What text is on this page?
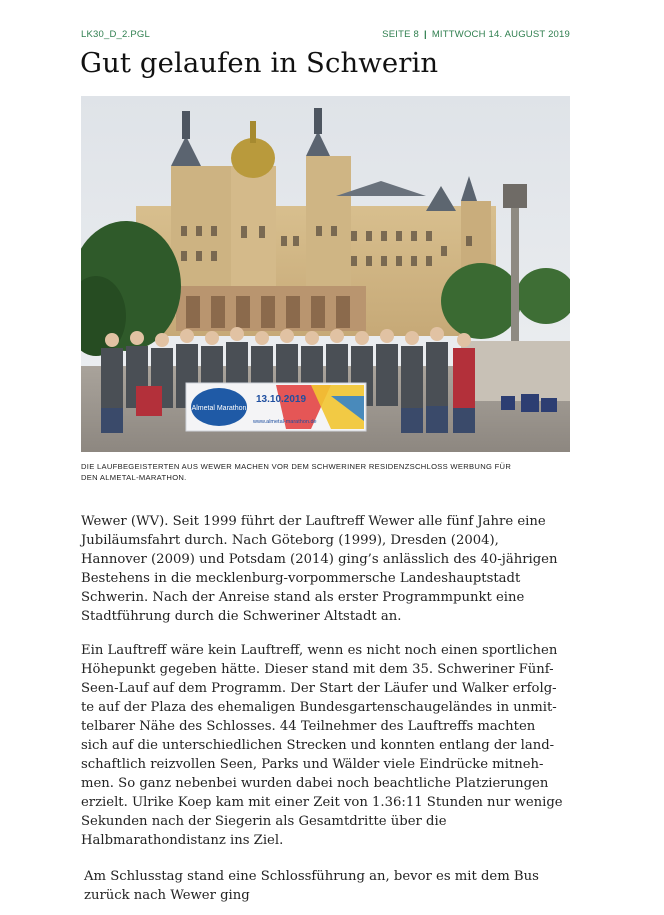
LK30_D_2.PGL	SEITE 8 | MITTWOCH 14. AUGUST 2019
Gut gelaufen in Schwerin
Almetal Marathon
13.10.2019
www.almetal-marathon.de
DIE LAUFBEGEISTERTEN AUS WEWER MACHEN VOR DEM SCHWERINER RESIDENZSCHLOSS WERBUNG FÜR
DEN ALMETAL-MARATHON.
Wewer (WV). Seit 1999 führt der Lauftreff Wewer alle fünf Jahre eine
Jubiläumsfahrt durch. Nach Göteborg (1999), Dresden (2004),
Hannover (2009) und Potsdam (2014) ging’s anlässlich des 40-jährigen
Bestehens in die mecklenburg-vorpommersche Landeshauptstadt
Schwerin. Nach der Anreise stand als erster Programmpunkt eine
Stadtführung durch die Schweriner Altstadt an.
Ein Lauftreff wäre kein Lauftreff, wenn es nicht noch einen sportlichen
Höhepunkt gegeben hätte. Dieser stand mit dem 35. Schweriner Fünf-
Seen-Lauf auf dem Programm. Der Start der Läufer und Walker erfolg-
te auf der Plaza des ehemaligen Bundesgartenschaugeländes in unmit-
telbarer Nähe des Schlosses. 44 Teilnehmer des Lauftreffs machten
sich auf die unterschiedlichen Strecken und konnten entlang der land-
schaftlich reizvollen Seen, Parks und Wälder viele Eindrücke mitneh-
men. So ganz nebenbei wurden dabei noch beachtliche Platzierungen
erzielt. Ulrike Koep kam mit einer Zeit von 1.36:11 Stunden nur wenige
Sekunden nach der Siegerin als Gesamtdritte über die
Halbmarathondistanz ins Ziel.
Am Schlusstag stand eine Schlossführung an, bevor es mit dem Bus
zurück nach Wewer ging
